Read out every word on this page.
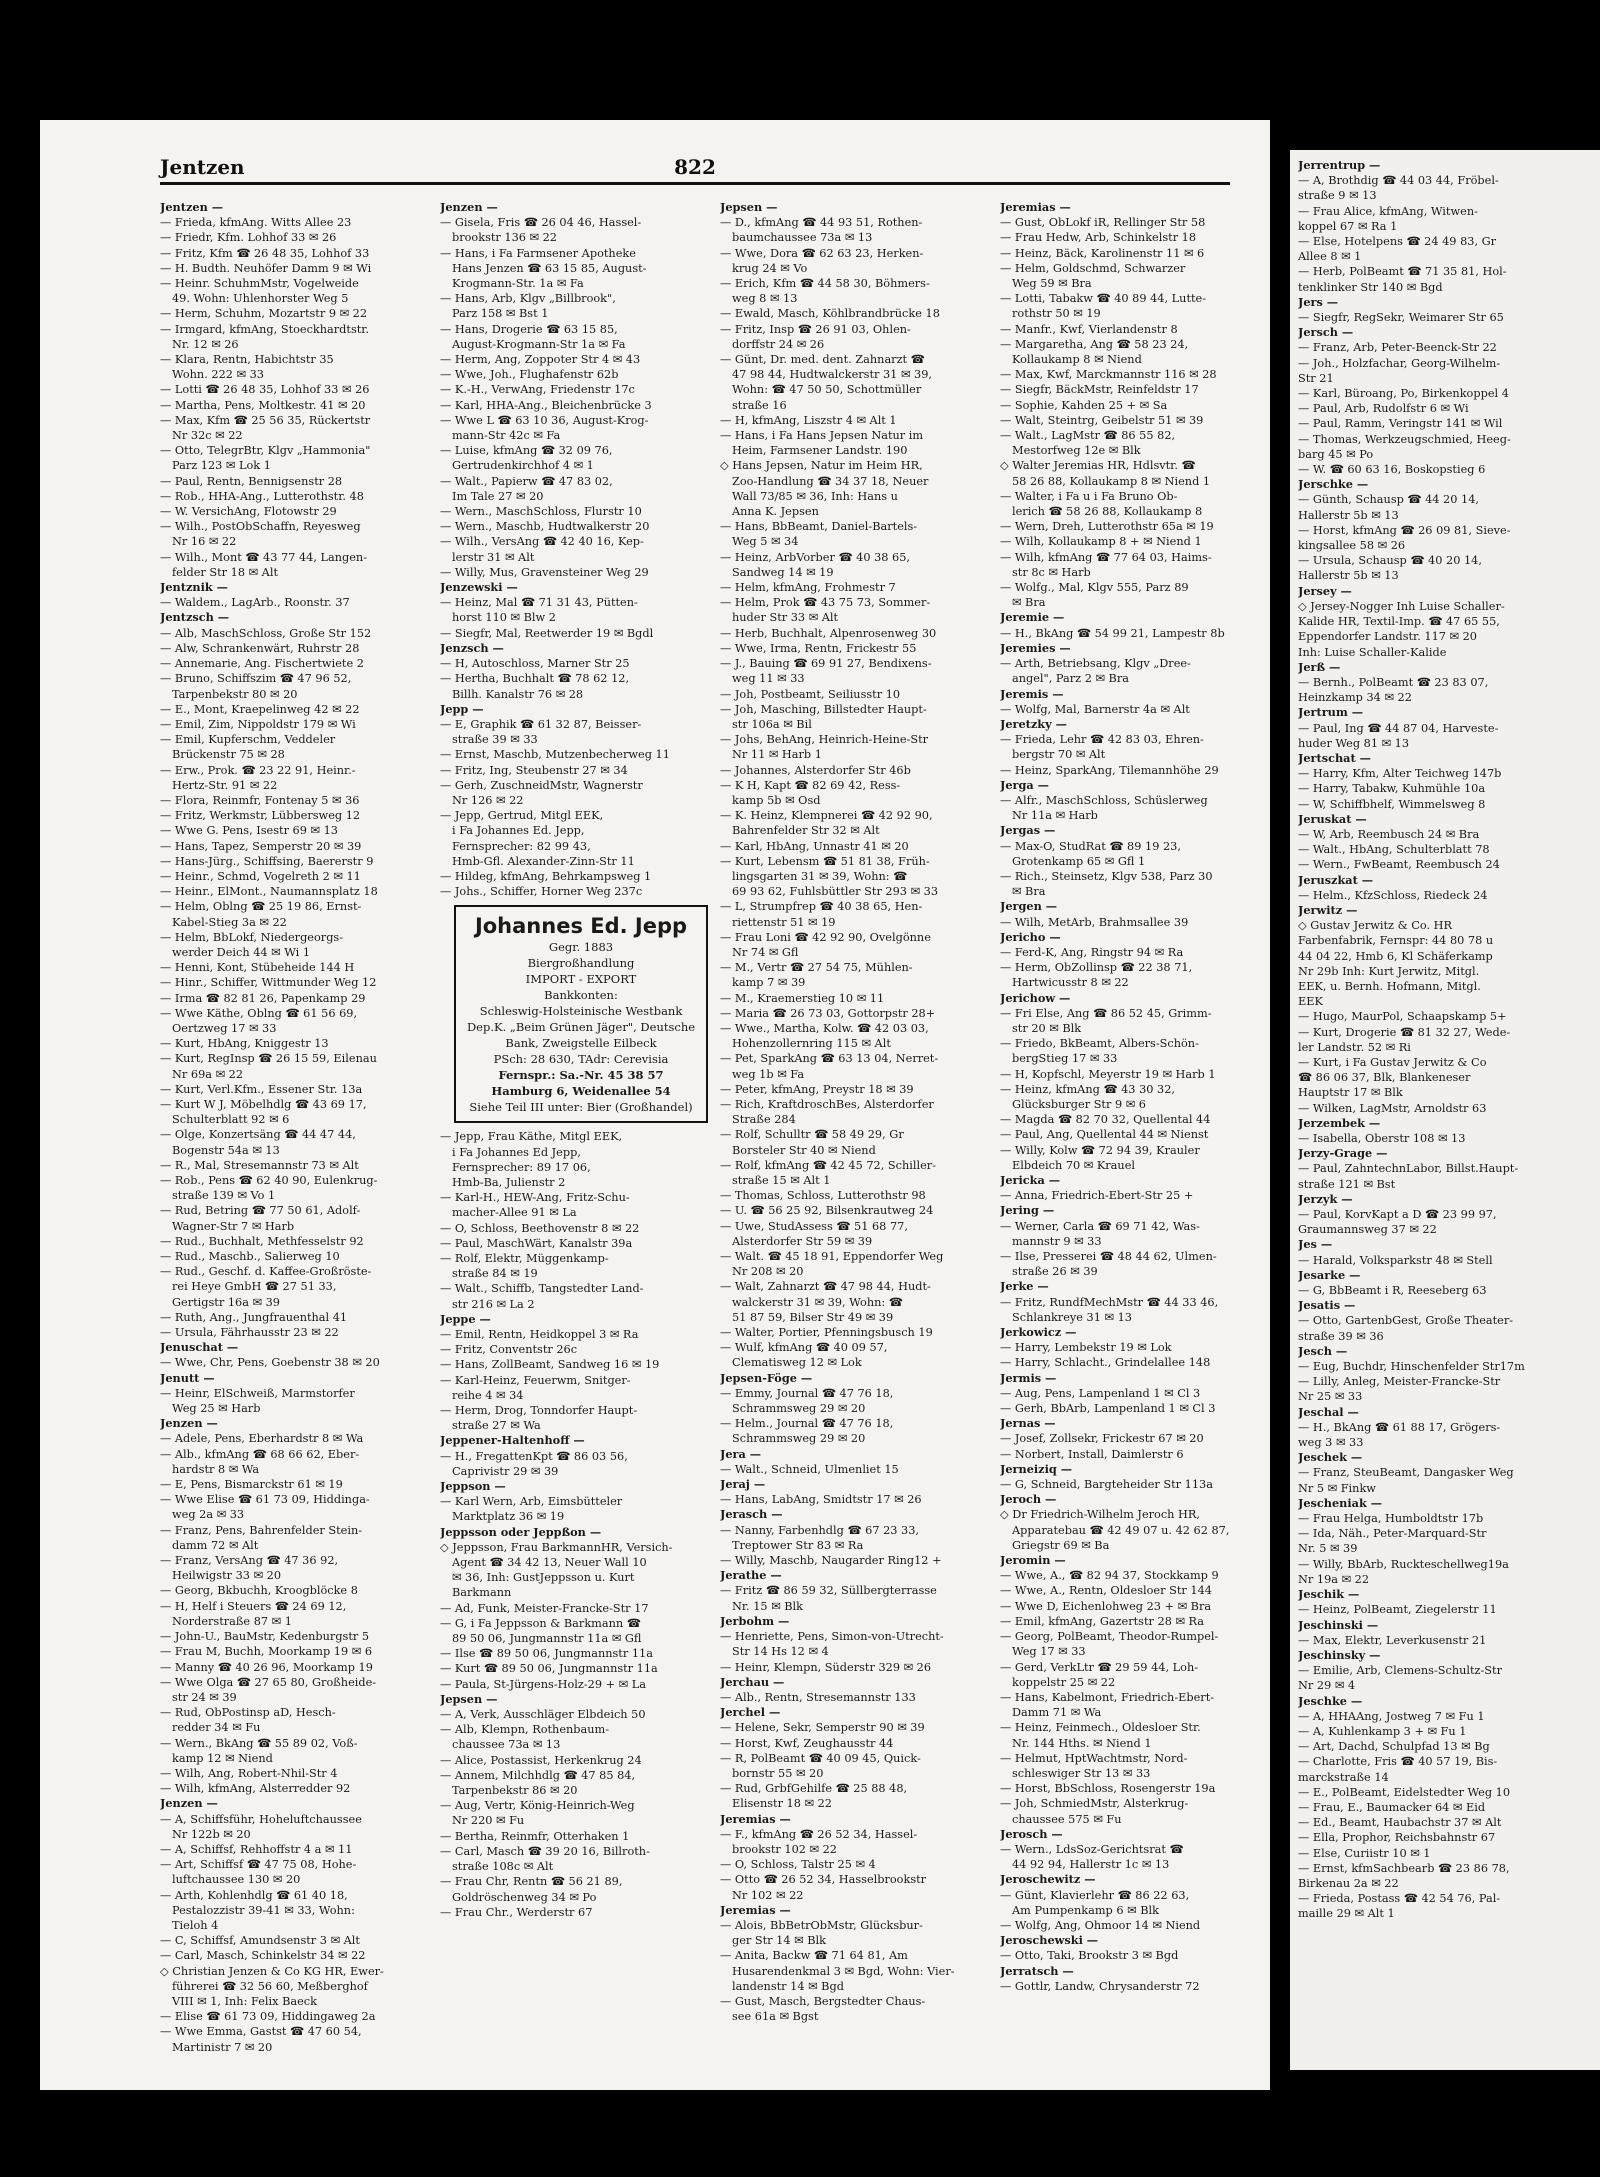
Jentzen	822
Jentzen —
— Frieda, kfmAng. Witts Allee 23
— Friedr, Kfm. Lohhof 33 ✉ 26
— Fritz, Kfm ☎ 26 48 35, Lohhof 33
— H. Budth. Neuhöfer Damm 9 ✉ Wi
— Heinr. SchuhmMstr, Vogelweide
49. Wohn: Uhlenhorster Weg 5
— Herm, Schuhm, Mozartstr 9 ✉ 22
— Irmgard, kfmAng, Stoeckhardtstr.
Nr. 12 ✉ 26
— Klara, Rentn, Habichtstr 35
Wohn. 222 ✉ 33
— Lotti ☎ 26 48 35, Lohhof 33 ✉ 26
— Martha, Pens, Moltkestr. 41 ✉ 20
— Max, Kfm ☎ 25 56 35, Rückertstr
Nr 32c ✉ 22
— Otto, TelegrBtr, Klgv „Hammonia"
Parz 123 ✉ Lok 1
— Paul, Rentn, Bennigsenstr 28
— Rob., HHA-Ang., Lutterothstr. 48
— W. VersichAng, Flotowstr 29
— Wilh., PostObSchaffn, Reyesweg
Nr 16 ✉ 22
— Wilh., Mont ☎ 43 77 44, Langen-
felder Str 18 ✉ Alt
Jentznik —
— Waldem., LagArb., Roonstr. 37
Jentzsch —
— Alb, MaschSchloss, Große Str 152
— Alw, Schrankenwärt, Ruhrstr 28
— Annemarie, Ang. Fischertwiete 2
— Bruno, Schiffszim ☎ 47 96 52,
Tarpenbekstr 80 ✉ 20
— E., Mont, Kraepelinweg 42 ✉ 22
— Emil, Zim, Nippoldstr 179 ✉ Wi
— Emil, Kupferschm, Veddeler
Brückenstr 75 ✉ 28
— Erw., Prok. ☎ 23 22 91, Heinr.-
Hertz-Str. 91 ✉ 22
— Flora, Reinmfr, Fontenay 5 ✉ 36
— Fritz, Werkmstr, Lübbersweg 12
— Wwe G. Pens, Isestr 69 ✉ 13
— Hans, Tapez, Semperstr 20 ✉ 39
— Hans-Jürg., Schiffsing, Baererstr 9
— Heinr., Schmd, Vogelreth 2 ✉ 11
— Heinr., ElMont., Naumannsplatz 18
— Helm, Oblng ☎ 25 19 86, Ernst-
Kabel-Stieg 3a ✉ 22
— Helm, BbLokf, Niedergeorgs-
werder Deich 44 ✉ Wi 1
— Henni, Kont, Stübeheide 144 H
— Hinr., Schiffer, Wittmunder Weg 12
— Irma ☎ 82 81 26, Papenkamp 29
— Wwe Käthe, Oblng ☎ 61 56 69,
Oertzweg 17 ✉ 33
— Kurt, HbAng, Kniggestr 13
— Kurt, RegInsp ☎ 26 15 59, Eilenau
Nr 69a ✉ 22
— Kurt, Verl.Kfm., Essener Str. 13a
— Kurt W J, Möbelhdlg ☎ 43 69 17,
Schulterblatt 92 ✉ 6
— Olge, Konzertsäng ☎ 44 47 44,
Bogenstr 54a ✉ 13
— R., Mal, Stresemannstr 73 ✉ Alt
— Rob., Pens ☎ 62 40 90, Eulenkrug-
straße 139 ✉ Vo 1
— Rud, Betring ☎ 77 50 61, Adolf-
Wagner-Str 7 ✉ Harb
— Rud., Buchhalt, Methfesselstr 92
— Rud., Maschb., Salierweg 10
— Rud., Geschf. d. Kaffee-Großröste-
rei Heye GmbH ☎ 27 51 33,
Gertigstr 16a ✉ 39
— Ruth, Ang., Jungfrauenthal 41
— Ursula, Fährhausstr 23 ✉ 22
Jenuschat —
— Wwe, Chr, Pens, Goebenstr 38 ✉ 20
Jenutt —
— Heinr, ElSchweiß, Marmstorfer
Weg 25 ✉ Harb
Jenzen —
— Adele, Pens, Eberhardstr 8 ✉ Wa
— Alb., kfmAng ☎ 68 66 62, Eber-
hardstr 8 ✉ Wa
— E, Pens, Bismarckstr 61 ✉ 19
— Wwe Elise ☎ 61 73 09, Hiddinga-
weg 2a ✉ 33
— Franz, Pens, Bahrenfelder Stein-
damm 72 ✉ Alt
— Franz, VersAng ☎ 47 36 92,
Heilwigstr 33 ✉ 20
— Georg, Bkbuchh, Kroogblöcke 8
— H, Helf i Steuers ☎ 24 69 12,
Norderstraße 87 ✉ 1
— John-U., BauMstr, Kedenburgstr 5
— Frau M, Buchh, Moorkamp 19 ✉ 6
— Manny ☎ 40 26 96, Moorkamp 19
— Wwe Olga ☎ 27 65 80, Großheide-
str 24 ✉ 39
— Rud, ObPostinsp aD, Hesch-
redder 34 ✉ Fu
— Wern., BkAng ☎ 55 89 02, Voß-
kamp 12 ✉ Niend
— Wilh, Ang, Robert-Nhil-Str 4
— Wilh, kfmAng, Alsterredder 92
Jenzen —
— A, Schiffsführ, Hoheluftchaussee
Nr 122b ✉ 20
— A, Schiffsf, Rehhoffstr 4 a ✉ 11
— Art, Schiffsf ☎ 47 75 08, Hohe-
luftchaussee 130 ✉ 20
— Arth, Kohlenhdlg ☎ 61 40 18,
Pestalozzistr 39-41 ✉ 33, Wohn:
Tieloh 4
— C, Schiffsf, Amundsenstr 3 ✉ Alt
— Carl, Masch, Schinkelstr 34 ✉ 22
◇ Christian Jenzen & Co KG HR, Ewer-
führerei ☎ 32 56 60, Meßberghof
VIII ✉ 1, Inh: Felix Baeck
— Elise ☎ 61 73 09, Hiddingaweg 2a
— Wwe Emma, Gastst ☎ 47 60 54,
Martinistr 7 ✉ 20
Jenzen —
— Gisela, Fris ☎ 26 04 46, Hassel-
brookstr 136 ✉ 22
— Hans, i Fa Farmsener Apotheke
Hans Jenzen ☎ 63 15 85, August-
Krogmann-Str. 1a ✉ Fa
— Hans, Arb, Klgv „Billbrook",
Parz 158 ✉ Bst 1
— Hans, Drogerie ☎ 63 15 85,
August-Krogmann-Str 1a ✉ Fa
— Herm, Ang, Zoppoter Str 4 ✉ 43
— Wwe, Joh., Flughafenstr 62b
— K.-H., VerwAng, Friedenstr 17c
— Karl, HHA-Ang., Bleichenbrücke 3
— Wwe L ☎ 63 10 36, August-Krog-
mann-Str 42c ✉ Fa
— Luise, kfmAng ☎ 32 09 76,
Gertrudenkirchhof 4 ✉ 1
— Walt., Papierw ☎ 47 83 02,
Im Tale 27 ✉ 20
— Wern., MaschSchloss, Flurstr 10
— Wern., Maschb, Hudtwalkerstr 20
— Wilh., VersAng ☎ 42 40 16, Kep-
lerstr 31 ✉ Alt
— Willy, Mus, Gravensteiner Weg 29
Jenzewski —
— Heinz, Mal ☎ 71 31 43, Pütten-
horst 110 ✉ Blw 2
— Siegfr, Mal, Reetwerder 19 ✉ Bgdl
Jenzsch —
— H, Autoschloss, Marner Str 25
— Hertha, Buchhalt ☎ 78 62 12,
Billh. Kanalstr 76 ✉ 28
Jepp —
— E, Graphik ☎ 61 32 87, Beisser-
straße 39 ✉ 33
— Ernst, Maschb, Mutzenbecherweg 11
— Fritz, Ing, Steubenstr 27 ✉ 34
— Gerh, ZuschneidMstr, Wagnerstr
Nr 126 ✉ 22
— Jepp, Gertrud, Mitgl EEK,
i Fa Johannes Ed. Jepp,
Fernsprecher: 82 99 43,
Hmb-Gfl. Alexander-Zinn-Str 11
— Hildeg, kfmAng, Behrkampsweg 1
— Johs., Schiffer, Horner Weg 237c
Johannes Ed. Jepp
Gegr. 1883
Biergroßhandlung
IMPORT - EXPORT
Bankkonten:
Schleswig-Holsteinische Westbank Dep.K. „Beim Grünen Jäger", Deutsche Bank, Zweigstelle Eilbeck
PSch: 28 630, TAdr: Cerevisia
Fernspr.: Sa.-Nr. 45 38 57
Hamburg 6, Weidenallee 54
Siehe Teil III unter: Bier (Großhandel)
— Jepp, Frau Käthe, Mitgl EEK,
i Fa Johannes Ed Jepp,
Fernsprecher: 89 17 06,
Hmb-Ba, Julienstr 2
— Karl-H., HEW-Ang, Fritz-Schu-
macher-Allee 91 ✉ La
— O, Schloss, Beethovenstr 8 ✉ 22
— Paul, MaschWärt, Kanalstr 39a
— Rolf, Elektr, Müggenkamp-
straße 84 ✉ 19
— Walt., Schiffb, Tangstedter Land-
str 216 ✉ La 2
Jeppe —
— Emil, Rentn, Heidkoppel 3 ✉ Ra
— Fritz, Conventstr 26c
— Hans, ZollBeamt, Sandweg 16 ✉ 19
— Karl-Heinz, Feuerwm, Snitger-
reihe 4 ✉ 34
— Herm, Drog, Tonndorfer Haupt-
straße 27 ✉ Wa
Jeppener-Haltenhoff —
— H., FregattenKpt ☎ 86 03 56,
Caprivistr 29 ✉ 39
Jeppson —
— Karl Wern, Arb, Eimsbütteler
Marktplatz 36 ✉ 19
Jeppsson oder Jeppßon —
◇ Jeppsson, Frau BarkmannHR, Versich-
Agent ☎ 34 42 13, Neuer Wall 10
✉ 36, Inh: GustJeppsson u. Kurt
Barkmann
— Ad, Funk, Meister-Francke-Str 17
— G, i Fa Jeppsson & Barkmann ☎
89 50 06, Jungmannstr 11a ✉ Gfl
— Ilse ☎ 89 50 06, Jungmannstr 11a
— Kurt ☎ 89 50 06, Jungmannstr 11a
— Paula, St-Jürgens-Holz-29 + ✉ La
Jepsen —
— A, Verk, Ausschläger Elbdeich 50
— Alb, Klempn, Rothenbaum-
chaussee 73a ✉ 13
— Alice, Postassist, Herkenkrug 24
— Annem, Milchhdlg ☎ 47 85 84,
Tarpenbekstr 86 ✉ 20
— Aug, Vertr, König-Heinrich-Weg
Nr 220 ✉ Fu
— Bertha, Reinmfr, Otterhaken 1
— Carl, Masch ☎ 39 20 16, Billroth-
straße 108c ✉ Alt
— Frau Chr, Rentn ☎ 56 21 89,
Goldröschenweg 34 ✉ Po
— Frau Chr., Werderstr 67
Jepsen —
— D., kfmAng ☎ 44 93 51, Rothen-
baumchaussee 73a ✉ 13
— Wwe, Dora ☎ 62 63 23, Herken-
krug 24 ✉ Vo
— Erich, Kfm ☎ 44 58 30, Böhmers-
weg 8 ✉ 13
— Ewald, Masch, Köhlbrandbrücke 18
— Fritz, Insp ☎ 26 91 03, Ohlen-
dorffstr 24 ✉ 26
— Günt, Dr. med. dent. Zahnarzt ☎
47 98 44, Hudtwalckerstr 31 ✉ 39,
Wohn: ☎ 47 50 50, Schottmüller
straße 16
— H, kfmAng, Liszstr 4 ✉ Alt 1
— Hans, i Fa Hans Jepsen Natur im
Heim, Farmsener Landstr. 190
◇ Hans Jepsen, Natur im Heim HR,
Zoo-Handlung ☎ 34 37 18, Neuer
Wall 73/85 ✉ 36, Inh: Hans u
Anna K. Jepsen
— Hans, BbBeamt, Daniel-Bartels-
Weg 5 ✉ 34
— Heinz, ArbVorber ☎ 40 38 65,
Sandweg 14 ✉ 19
— Helm, kfmAng, Frohmestr 7
— Helm, Prok ☎ 43 75 73, Sommer-
huder Str 33 ✉ Alt
— Herb, Buchhalt, Alpenrosenweg 30
— Wwe, Irma, Rentn, Frickestr 55
— J., Bauing ☎ 69 91 27, Bendixens-
weg 11 ✉ 33
— Joh, Postbeamt, Seiliusstr 10
— Joh, Masching, Billstedter Haupt-
str 106a ✉ Bil
— Johs, BehAng, Heinrich-Heine-Str
Nr 11 ✉ Harb 1
— Johannes, Alsterdorfer Str 46b
— K H, Kapt ☎ 82 69 42, Ress-
kamp 5b ✉ Osd
— K. Heinz, Klempnerei ☎ 42 92 90,
Bahrenfelder Str 32 ✉ Alt
— Karl, HbAng, Unnastr 41 ✉ 20
— Kurt, Lebensm ☎ 51 81 38, Früh-
lingsgarten 31 ✉ 39, Wohn: ☎
69 93 62, Fuhlsbüttler Str 293 ✉ 33
— L, Strumpfrep ☎ 40 38 65, Hen-
riettenstr 51 ✉ 19
— Frau Loni ☎ 42 92 90, Ovelgönne
Nr 74 ✉ Gfl
— M., Vertr ☎ 27 54 75, Mühlen-
kamp 7 ✉ 39
— M., Kraemerstieg 10 ✉ 11
— Maria ☎ 26 73 03, Gottorpstr 28+
— Wwe., Martha, Kolw. ☎ 42 03 03,
Hohenzollernring 115 ✉ Alt
— Pet, SparkAng ☎ 63 13 04, Nerret-
weg 1b ✉ Fa
— Peter, kfmAng, Preystr 18 ✉ 39
— Rich, KraftdroschBes, Alsterdorfer
Straße 284
— Rolf, Schulltr ☎ 58 49 29, Gr
Borsteler Str 40 ✉ Niend
— Rolf, kfmAng ☎ 42 45 72, Schiller-
straße 15 ✉ Alt 1
— Thomas, Schloss, Lutterothstr 98
— U. ☎ 56 25 92, Bilsenkrautweg 24
— Uwe, StudAssess ☎ 51 68 77,
Alsterdorfer Str 59 ✉ 39
— Walt. ☎ 45 18 91, Eppendorfer Weg
Nr 208 ✉ 20
— Walt, Zahnarzt ☎ 47 98 44, Hudt-
walckerstr 31 ✉ 39, Wohn: ☎
51 87 59, Bilser Str 49 ✉ 39
— Walter, Portier, Pfenningsbusch 19
— Wulf, kfmAng ☎ 40 09 57,
Clematisweg 12 ✉ Lok
Jepsen-Föge —
— Emmy, Journal ☎ 47 76 18,
Schrammsweg 29 ✉ 20
— Helm., Journal ☎ 47 76 18,
Schrammsweg 29 ✉ 20
Jera —
— Walt., Schneid, Ulmenliet 15
Jeraj —
— Hans, LabAng, Smidtstr 17 ✉ 26
Jerasch —
— Nanny, Farbenhdlg ☎ 67 23 33,
Treptower Str 83 ✉ Ra
— Willy, Maschb, Naugarder Ring12 +
Jerathe —
— Fritz ☎ 86 59 32, Süllbergterrasse
Nr. 15 ✉ Blk
Jerbohm —
— Henriette, Pens, Simon-von-Utrecht-
Str 14 Hs 12 ✉ 4
— Heinr, Klempn, Süderstr 329 ✉ 26
Jerchau —
— Alb., Rentn, Stresemannstr 133
Jerchel —
— Helene, Sekr, Semperstr 90 ✉ 39
— Horst, Kwf, Zeughausstr 44
— R, PolBeamt ☎ 40 09 45, Quick-
bornstr 55 ✉ 20
— Rud, GrbfGehilfe ☎ 25 88 48,
Elisenstr 18 ✉ 22
Jeremias —
— F., kfmAng ☎ 26 52 34, Hassel-
brookstr 102 ✉ 22
— O, Schloss, Talstr 25 ✉ 4
— Otto ☎ 26 52 34, Hasselbrookstr
Nr 102 ✉ 22
Jeremias —
— Alois, BbBetrObMstr, Glücksbur-
ger Str 14 ✉ Blk
— Anita, Backw ☎ 71 64 81, Am
Husarendenkmal 3 ✉ Bgd, Wohn: Vier-
landenstr 14 ✉ Bgd
— Gust, Masch, Bergstedter Chaus-
see 61a ✉ Bgst
Jeremias —
— Gust, ObLokf iR, Rellinger Str 58
— Frau Hedw, Arb, Schinkelstr 18
— Heinz, Bäck, Karolinenstr 11 ✉ 6
— Helm, Goldschmd, Schwarzer
Weg 59 ✉ Bra
— Lotti, Tabakw ☎ 40 89 44, Lutte-
rothstr 50 ✉ 19
— Manfr., Kwf, Vierlandenstr 8
— Margaretha, Ang ☎ 58 23 24,
Kollaukamp 8 ✉ Niend
— Max, Kwf, Marckmannstr 116 ✉ 28
— Siegfr, BäckMstr, Reinfeldstr 17
— Sophie, Kahden 25 + ✉ Sa
— Walt, Steintrg, Geibelstr 51 ✉ 39
— Walt., LagMstr ☎ 86 55 82,
Mestorfweg 12e ✉ Blk
◇ Walter Jeremias HR, Hdlsvtr. ☎
58 26 88, Kollaukamp 8 ✉ Niend 1
— Walter, i Fa u i Fa Bruno Ob-
lerich ☎ 58 26 88, Kollaukamp 8
— Wern, Dreh, Lutterothstr 65a ✉ 19
— Wilh, Kollaukamp 8 + ✉ Niend 1
— Wilh, kfmAng ☎ 77 64 03, Haims-
str 8c ✉ Harb
— Wolfg., Mal, Klgv 555, Parz 89
✉ Bra
Jeremie —
— H., BkAng ☎ 54 99 21, Lampestr 8b
Jeremies —
— Arth, Betriebsang, Klgv „Dree-
angel", Parz 2 ✉ Bra
Jeremis —
— Wolfg, Mal, Barnerstr 4a ✉ Alt
Jeretzky —
— Frieda, Lehr ☎ 42 83 03, Ehren-
bergstr 70 ✉ Alt
— Heinz, SparkAng, Tilemannhöhe 29
Jerga —
— Alfr., MaschSchloss, Schüslerweg
Nr 11a ✉ Harb
Jergas —
— Max-O, StudRat ☎ 89 19 23,
Grotenkamp 65 ✉ Gfl 1
— Rich., Steinsetz, Klgv 538, Parz 30
✉ Bra
Jergen —
— Wilh, MetArb, Brahmsallee 39
Jericho —
— Ferd-K, Ang, Ringstr 94 ✉ Ra
— Herm, ObZollinsp ☎ 22 38 71,
Hartwicusstr 8 ✉ 22
Jerichow —
— Fri Else, Ang ☎ 86 52 45, Grimm-
str 20 ✉ Blk
— Friedo, BkBeamt, Albers-Schön-
bergStieg 17 ✉ 33
— H, Kopfschl, Meyerstr 19 ✉ Harb 1
— Heinz, kfmAng ☎ 43 30 32,
Glücksburger Str 9 ✉ 6
— Magda ☎ 82 70 32, Quellental 44
— Paul, Ang, Quellental 44 ✉ Nienst
— Willy, Kolw ☎ 72 94 39, Krauler
Elbdeich 70 ✉ Krauel
Jericka —
— Anna, Friedrich-Ebert-Str 25 +
Jering —
— Werner, Carla ☎ 69 71 42, Was-
mannstr 9 ✉ 33
— Ilse, Presserei ☎ 48 44 62, Ulmen-
straße 26 ✉ 39
Jerke —
— Fritz, RundfMechMstr ☎ 44 33 46,
Schlankreye 31 ✉ 13
Jerkowicz —
— Harry, Lembekstr 19 ✉ Lok
— Harry, Schlacht., Grindelallee 148
Jermis —
— Aug, Pens, Lampenland 1 ✉ Cl 3
— Gerh, BbArb, Lampenland 1 ✉ Cl 3
Jernas —
— Josef, Zollsekr, Frickestr 67 ✉ 20
— Norbert, Install, Daimlerstr 6
Jerneiziq —
— G, Schneid, Bargteheider Str 113a
Jeroch —
◇ Dr Friedrich-Wilhelm Jeroch HR,
Apparatebau ☎ 42 49 07 u. 42 62 87,
Griegstr 69 ✉ Ba
Jeromin —
— Wwe, A., ☎ 82 94 37, Stockkamp 9
— Wwe, A., Rentn, Oldesloer Str 144
— Wwe D, Eichenlohweg 23 + ✉ Bra
— Emil, kfmAng, Gazertstr 28 ✉ Ra
— Georg, PolBeamt, Theodor-Rumpel-
Weg 17 ✉ 33
— Gerd, VerkLtr ☎ 29 59 44, Loh-
koppelstr 25 ✉ 22
— Hans, Kabelmont, Friedrich-Ebert-
Damm 71 ✉ Wa
— Heinz, Feinmech., Oldesloer Str.
Nr. 144 Hths. ✉ Niend 1
— Helmut, HptWachtmstr, Nord-
schleswiger Str 13 ✉ 33
— Horst, BbSchloss, Rosengerstr 19a
— Joh, SchmiedMstr, Alsterkrug-
chaussee 575 ✉ Fu
Jerosch —
— Wern., LdsSoz-Gerichtsrat ☎
44 92 94, Hallerstr 1c ✉ 13
Jeroschewitz —
— Günt, Klavierlehr ☎ 86 22 63,
Am Pumpenkamp 6 ✉ Blk
— Wolfg, Ang, Ohmoor 14 ✉ Niend
Jeroschewski —
— Otto, Taki, Brookstr 3 ✉ Bgd
Jerratsch —
— Gottlr, Landw, Chrysanderstr 72
Jerrentrup —
— A, Brothdig ☎ 44 03 44, Fröbel-
straße 9 ✉ 13
— Frau Alice, kfmAng, Witwen-
koppel 67 ✉ Ra 1
— Else, Hotelpens ☎ 24 49 83, Gr
Allee 8 ✉ 1
— Herb, PolBeamt ☎ 71 35 81, Hol-
tenklinker Str 140 ✉ Bgd
Jers —
— Siegfr, RegSekr, Weimarer Str 65
Jersch —
— Franz, Arb, Peter-Beenck-Str 22
— Joh., Holzfachar, Georg-Wilhelm-
Str 21
— Karl, Büroang, Po, Birkenkoppel 4
— Paul, Arb, Rudolfstr 6 ✉ Wi
— Paul, Ramm, Veringstr 141 ✉ Wil
— Thomas, Werkzeugschmied, Heeg-
barg 45 ✉ Po
— W. ☎ 60 63 16, Boskopstieg 6
Jerschke —
— Günth, Schausp ☎ 44 20 14,
Hallerstr 5b ✉ 13
— Horst, kfmAng ☎ 26 09 81, Sieve-
kingsallee 58 ✉ 26
— Ursula, Schausp ☎ 40 20 14,
Hallerstr 5b ✉ 13
Jersey —
◇ Jersey-Nogger Inh Luise Schaller-
Kalide HR, Textil-Imp. ☎ 47 65 55,
Eppendorfer Landstr. 117 ✉ 20
Inh: Luise Schaller-Kalide
Jerß —
— Bernh., PolBeamt ☎ 23 83 07,
Heinzkamp 34 ✉ 22
Jertrum —
— Paul, Ing ☎ 44 87 04, Harveste-
huder Weg 81 ✉ 13
Jertschat —
— Harry, Kfm, Alter Teichweg 147b
— Harry, Tabakw, Kuhmühle 10a
— W, Schiffbhelf, Wimmelsweg 8
Jeruskat —
— W, Arb, Reembusch 24 ✉ Bra
— Walt., HbAng, Schulterblatt 78
— Wern., FwBeamt, Reembusch 24
Jeruszkat —
— Helm., KfzSchloss, Riedeck 24
Jerwitz —
◇ Gustav Jerwitz & Co. HR
Farbenfabrik, Fernspr: 44 80 78 u
44 04 22, Hmb 6, Kl Schäferkamp
Nr 29b Inh: Kurt Jerwitz, Mitgl.
EEK, u. Bernh. Hofmann, Mitgl.
EEK
— Hugo, MaurPol, Schaapskamp 5+
— Kurt, Drogerie ☎ 81 32 27, Wede-
ler Landstr. 52 ✉ Ri
— Kurt, i Fa Gustav Jerwitz & Co
☎ 86 06 37, Blk, Blankeneser
Hauptstr 17 ✉ Blk
— Wilken, LagMstr, Arnoldstr 63
Jerzembek —
— Isabella, Oberstr 108 ✉ 13
Jerzy-Grage —
— Paul, ZahntechnLabor, Billst.Haupt-
straße 121 ✉ Bst
Jerzyk —
— Paul, KorvKapt a D ☎ 23 99 97,
Graumannsweg 37 ✉ 22
Jes —
— Harald, Volksparkstr 48 ✉ Stell
Jesarke —
— G, BbBeamt i R, Reeseberg 63
Jesatis —
— Otto, GartenbGest, Große Theater-
straße 39 ✉ 36
Jesch —
— Eug, Buchdr, Hinschenfelder Str17m
— Lilly, Anleg, Meister-Francke-Str
Nr 25 ✉ 33
Jeschal —
— H., BkAng ☎ 61 88 17, Grögers-
weg 3 ✉ 33
Jeschek —
— Franz, SteuBeamt, Dangasker Weg
Nr 5 ✉ Finkw
Jescheniak —
— Frau Helga, Humboldtstr 17b
— Ida, Näh., Peter-Marquard-Str
Nr. 5 ✉ 39
— Willy, BbArb, Ruckteschellweg19a
Nr 19a ✉ 22
Jeschik —
— Heinz, PolBeamt, Ziegelerstr 11
Jeschinski —
— Max, Elektr, Leverkusenstr 21
Jeschinsky —
— Emilie, Arb, Clemens-Schultz-Str
Nr 29 ✉ 4
Jeschke —
— A, HHAAng, Jostweg 7 ✉ Fu 1
— A, Kuhlenkamp 3 + ✉ Fu 1
— Art, Dachd, Schulpfad 13 ✉ Bg
— Charlotte, Fris ☎ 40 57 19, Bis-
marckstraße 14
— E., PolBeamt, Eidelstedter Weg 10
— Frau, E., Baumacker 64 ✉ Eid
— Ed., Beamt, Haubachstr 37 ✉ Alt
— Ella, Prophor, Reichsbahnstr 67
— Else, Curiistr 10 ✉ 1
— Ernst, kfmSachbearb ☎ 23 86 78,
Birkenau 2a ✉ 22
— Frieda, Postass ☎ 42 54 76, Pal-
maille 29 ✉ Alt 1
